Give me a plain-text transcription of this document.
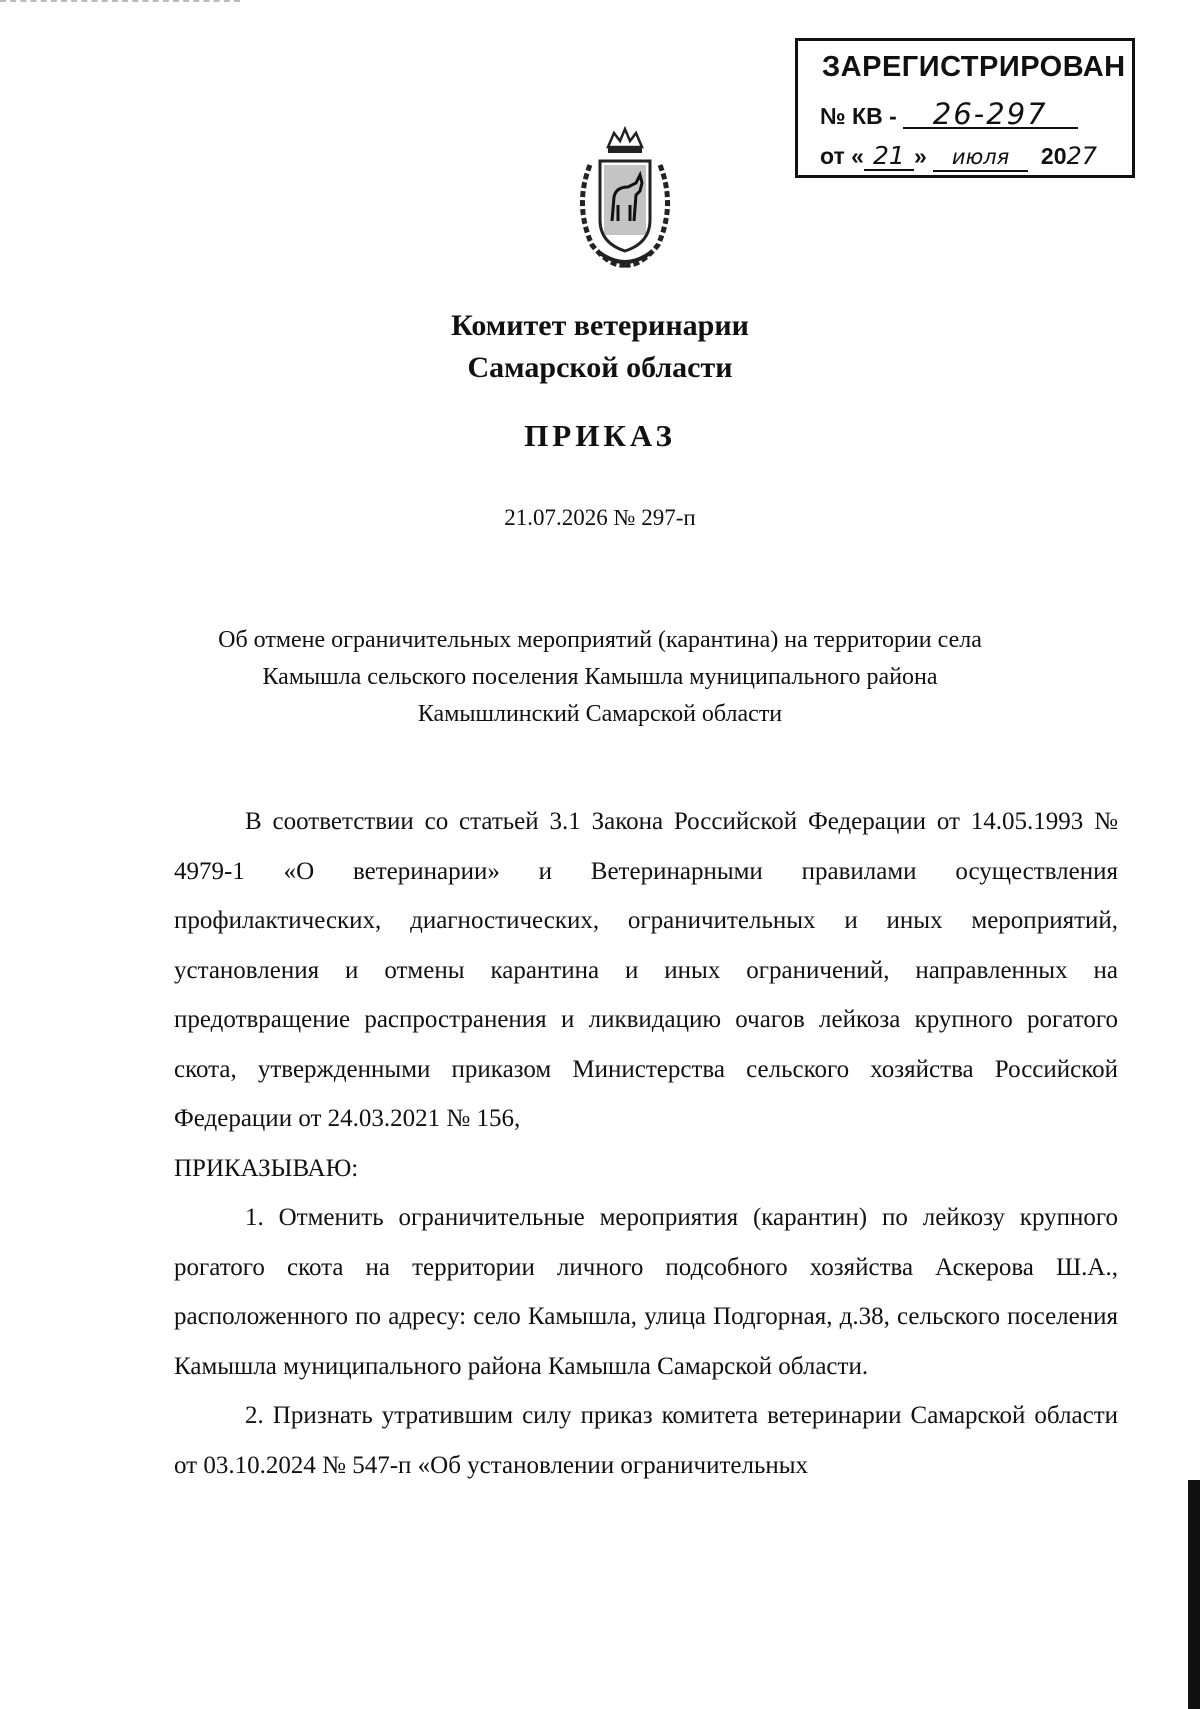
ЗАРЕГИСТРИРОВАН
№ КВ - 26-297
от « 21 » июля 2027
Комитет ветеринарии
Самарской области
ПРИКАЗ
21.07.2026 № 297-п
Об отмене ограничительных мероприятий (карантина) на территории села
Камышла сельского поселения Камышла муниципального района
Камышлинский Самарской области

В соответствии со статьей 3.1 Закона Российской Федерации от 14.05.1993 № 4979-1 «О ветеринарии» и Ветеринарными правилами осуществления профилактических, диагностических, ограничительных и иных мероприятий, установления и отмены карантина и иных ограничений, направленных на предотвращение распространения и ликвидацию очагов лейкоза крупного рогатого скота, утвержденными приказом Министерства сельского хозяйства Российской Федерации от 24.03.2021 № 156,

ПРИКАЗЫВАЮ:

1. Отменить ограничительные мероприятия (карантин) по лейкозу крупного рогатого скота на территории личного подсобного хозяйства Аскерова Ш.А., расположенного по адресу: село Камышла, улица Подгорная, д.38, сельского поселения Камышла муниципального района Камышла Самарской области.

2. Признать утратившим силу приказ комитета ветеринарии Самарской области от 03.10.2024 № 547-п «Об установлении ограничительных
